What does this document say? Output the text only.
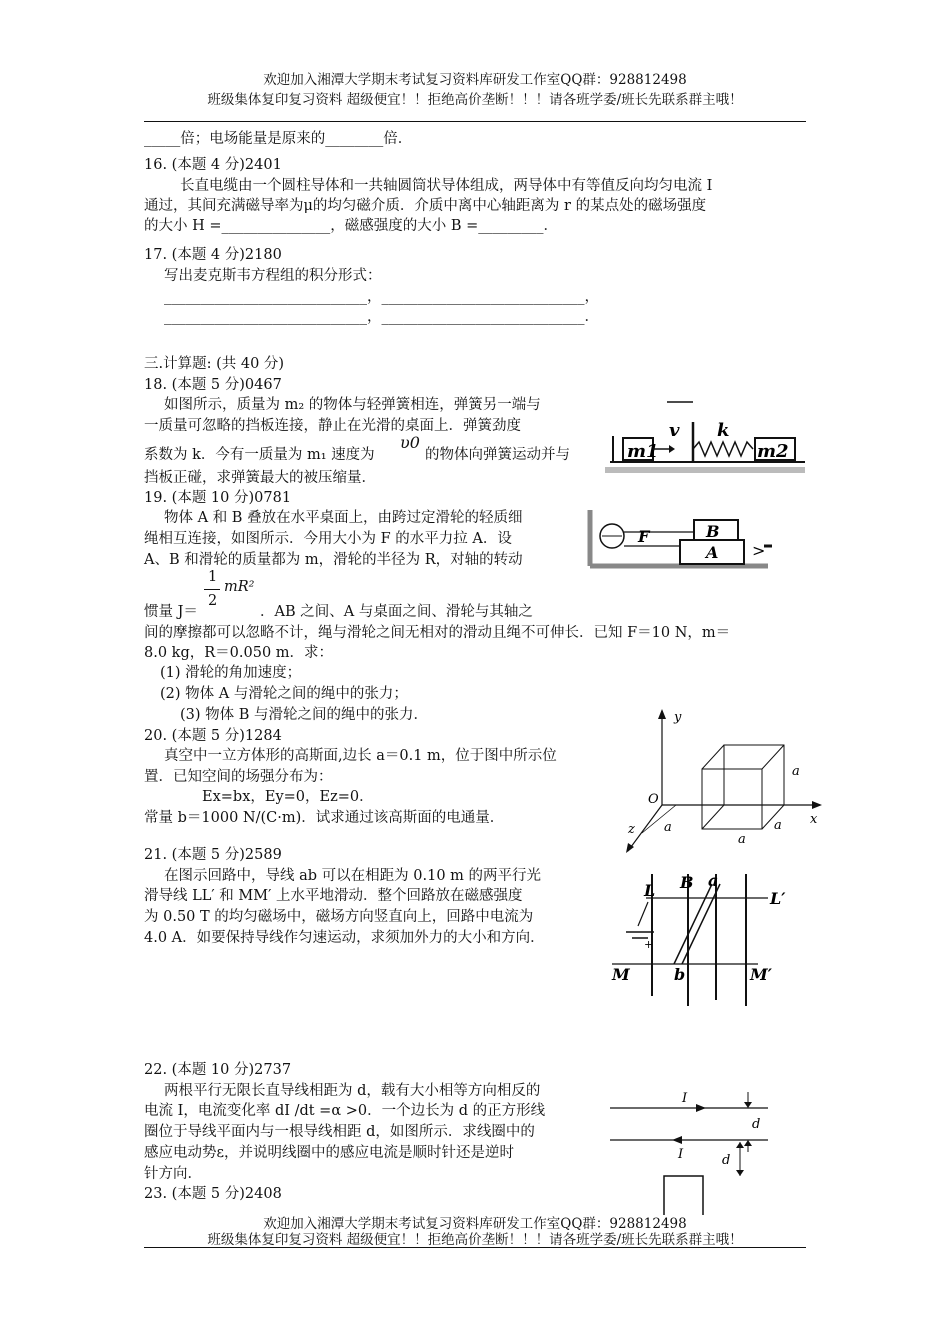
欢迎加入湘潭大学期末考试复习资料库研发工作室QQ群：928812498
班级集体复印复习资料 超级便宜！！拒绝高价垄断！！！请各班学委/班长先联系群主哦！
_____倍；电场能量是原来的________倍．
16. (本题 4 分)2401
长直电缆由一个圆柱导体和一共轴圆筒状导体组成，两导体中有等值反向均匀电流 I
通过，其间充满磁导率为μ的均匀磁介质．介质中离中心轴距离为 r 的某点处的磁场强度
的大小 H =_______________，磁感强度的大小 B =_________．
17. (本题 4 分)2180
写出麦克斯韦方程组的积分形式：
____________________________，____________________________，
____________________________，____________________________．
三.计算题: (共 40 分)
18. (本题 5 分)0467
如图所示，质量为 m₂ 的物体与轻弹簧相连，弹簧另一端与
一质量可忽略的挡板连接，静止在光滑的桌面上．弹簧劲度
系数为 k．今有一质量为 m₁ 速度为
υ0
的物体向弹簧运动并与
挡板正碰，求弹簧最大的被压缩量．
m1
v k
m2
19. (本题 10 分)0781
物体 A 和 B 叠放在水平桌面上，由跨过定滑轮的轻质细
绳相互连接，如图所示．今用大小为 F 的水平力拉 A．设
A、B 和滑轮的质量都为 m，滑轮的半径为 R，对轴的转动
1
2
mR²
惯量 J＝	．AB 之间、A 与桌面之间、滑轮与其轴之
间的摩擦都可以忽略不计，绳与滑轮之间无相对的滑动且绳不可伸长．已知 F＝10 N，m＝
8.0 kg，R＝0.050 m．求：
(1) 滑轮的角加速度；
(2) 物体 A 与滑轮之间的绳中的张力；
(3) 物体 B 与滑轮之间的绳中的张力．
F	B
A >
20. (本题 5 分)1284
真空中一立方体形的高斯面,边长 a＝0.1 m，位于图中所示位
置．已知空间的场强分布为：
Ex=bx，Ey=0，Ez=0．
常量 b＝1000 N/(C·m)．试求通过该高斯面的电通量．
y
x
z
O
a
a	a
a
21. (本题 5 分)2589
在图示回路中，导线 ab 可以在相距为 0.10 m 的两平行光
滑导线 LL′ 和 MM′ 上水平地滑动．整个回路放在磁感强度
为 0.50 T 的均匀磁场中，磁场方向竖直向上，回路中电流为
4.0 A．如要保持导线作匀速运动，求须加外力的大小和方向．	+
L B a
L′
M	b	M′
22. (本题 10 分)2737
两根平行无限长直导线相距为 d，载有大小相等方向相反的
电流 I，电流变化率 dI /dt =α >0．一个边长为 d 的正方形线
圈位于导线平面内与一根导线相距 d，如图所示．求线圈中的
感应电动势ε，并说明线圈中的感应电流是顺时针还是逆时
针方向．
I
I
d
d
23. (本题 5 分)2408
欢迎加入湘潭大学期末考试复习资料库研发工作室QQ群：928812498
班级集体复印复习资料 超级便宜！！拒绝高价垄断！！！请各班学委/班长先联系群主哦！
